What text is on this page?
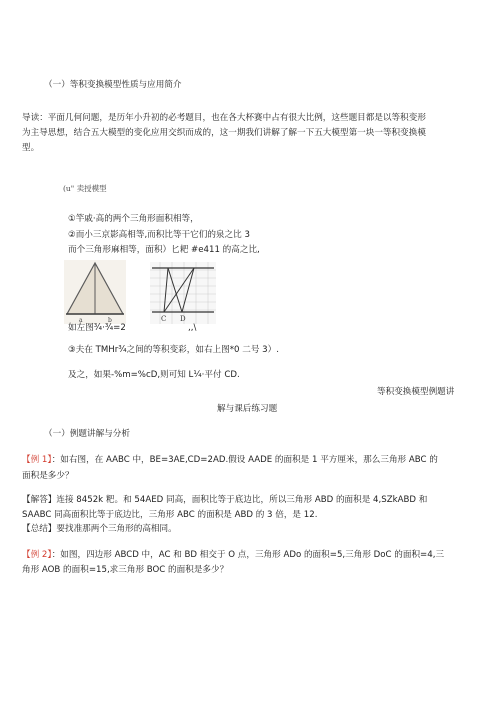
（一）等积变换模型性质与应用简介
导读：平面几何问题，是历年小升初的必考题目，也在各大杯赛中占有很大比例，这些题目都是以等积变形
为主导思想，结合五大模型的变化应用交织而成的，这一期我们讲解了解一下五大模型第一块一等积变换模
型。
(u" 卖授模型
①竿戚·高的两个三角形面积相等，
②而小三京影高相等,而积比等干它们的泉之比 3
而个三角形麻相等，面积）匕耙 #e411 的高之比,
a	b	C D
如左图¾·¾=2	,,\
③夫在 TMHr¾之间的等积变彩，如右上图*0 二号 3）.
及之，如果-%m=%cD,则可知 L¼·平付 CD.
等积变换模型例题讲
解与课后练习题
（一）例题讲解与分析
【例 1】：如右图，在 AABC 中，BE=3AE,CD=2AD.假设 AADE 的面积是 1 平方厘米，那么三角形 ABC 的
面积是多少？
【解答】连接 8452k 粑。和 54AED 同高，面积比等于底边比，所以三角形 ABD 的面积是 4,SZkABD 和
SAABC 同高面积比等于底边比，三角形 ABC 的面积是 ABD 的 3 倍，是 12.
【总结】要找准那两个三角形的高相同。
【例 2】：如图，四边形 ABCD 中，AC 和 BD 相交于 O 点，三角形 ADo 的面积=5,三角形 DoC 的面积=4,三
角形 AOB 的面积=15,求三角形 BOC 的面积是多少？
